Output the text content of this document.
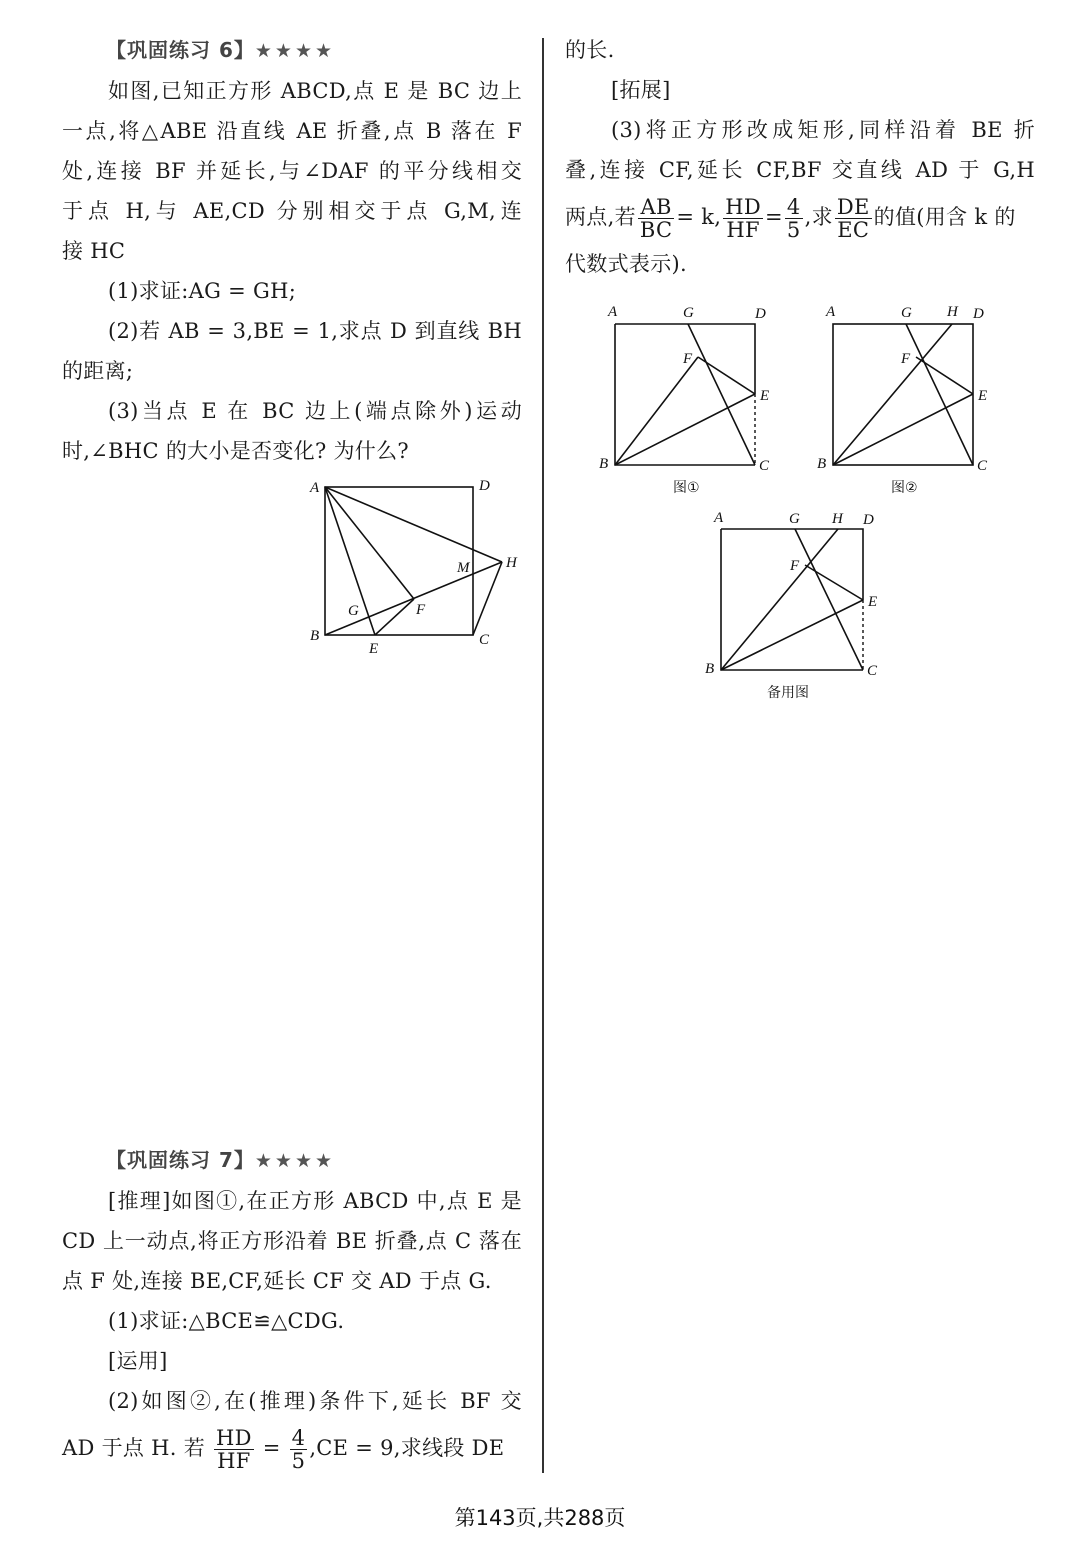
【巩固练习 6】★★★★
如图,已知正方形 ABCD,点 E 是 BC 边上
一点,将△ABE 沿直线 AE 折叠,点 B 落在 F
处,连接 BF 并延长,与∠DAF 的平分线相交
于点 H,与 AE,CD 分别相交于点 G,M,连
接 HC
(1)求证:AG = GH;
(2)若 AB = 3,BE = 1,求点 D 到直线 BH
的距离;
(3)当点 E 在 BC 边上(端点除外)运动
时,∠BHC 的大小是否变化? 为什么?
A	D
B	C
E
F
G
H
M
【巩固练习 7】★★★★
[推理]如图①,在正方形 ABCD 中,点 E 是
CD 上一动点,将正方形沿着 BE 折叠,点 C 落在
点 F 处,连接 BE,CF,延长 CF 交 AD 于点 G.
(1)求证:△BCE≌△CDG.
[运用]
(2)如图②,在(推理)条件下,延长 BF 交
AD 于点 H. 若 $\frac{HD}{HF} = \frac{4}{5} ,CE = 9$,求线段 DE
的长.
[拓展]
(3)将正方形改成矩形,同样沿着 BE 折
叠,连接 CF,延长 CF,BF 交直线 AD 于 G,H
两点,若 $\frac{AB}{BC} = k$, $\frac{HD}{HF} = \frac{4}{5}$ ,求 $\frac{DE}{EC}$ 的值(用含 k 的
代数式表示).
A	G	D
F
E
B	C
图①
A	G H D
F
E
B	C
图②
A	G H D
F
E
B	C
备用图
第143页,共288页
